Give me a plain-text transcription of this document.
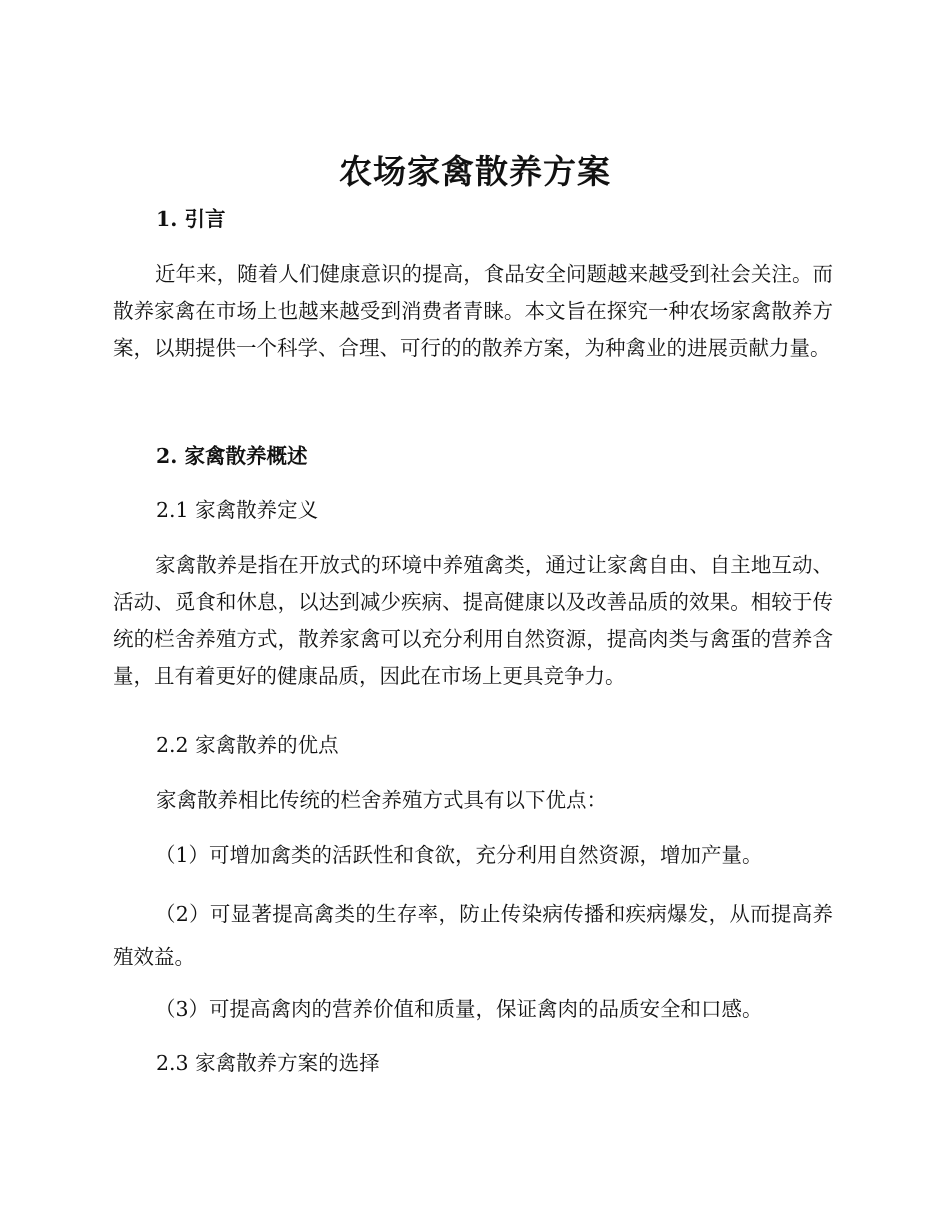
农场家禽散养方案
1. 引言
近年来，随着人们健康意识的提高，食品安全问题越来越受到社会关注。而散养家禽在市场上也越来越受到消费者青睐。本文旨在探究一种农场家禽散养方案，以期提供一个科学、合理、可行的的散养方案，为种禽业的进展贡献力量。
2. 家禽散养概述
2.1 家禽散养定义
家禽散养是指在开放式的环境中养殖禽类，通过让家禽自由、自主地互动、活动、觅食和休息，以达到减少疾病、提高健康以及改善品质的效果。相较于传统的栏舍养殖方式，散养家禽可以充分利用自然资源，提高肉类与禽蛋的营养含量，且有着更好的健康品质，因此在市场上更具竞争力。
2.2 家禽散养的优点
家禽散养相比传统的栏舍养殖方式具有以下优点：
（1）可增加禽类的活跃性和食欲，充分利用自然资源，增加产量。
（2）可显著提高禽类的生存率，防止传染病传播和疾病爆发，从而提高养殖效益。
（3）可提高禽肉的营养价值和质量，保证禽肉的品质安全和口感。
2.3 家禽散养方案的选择
